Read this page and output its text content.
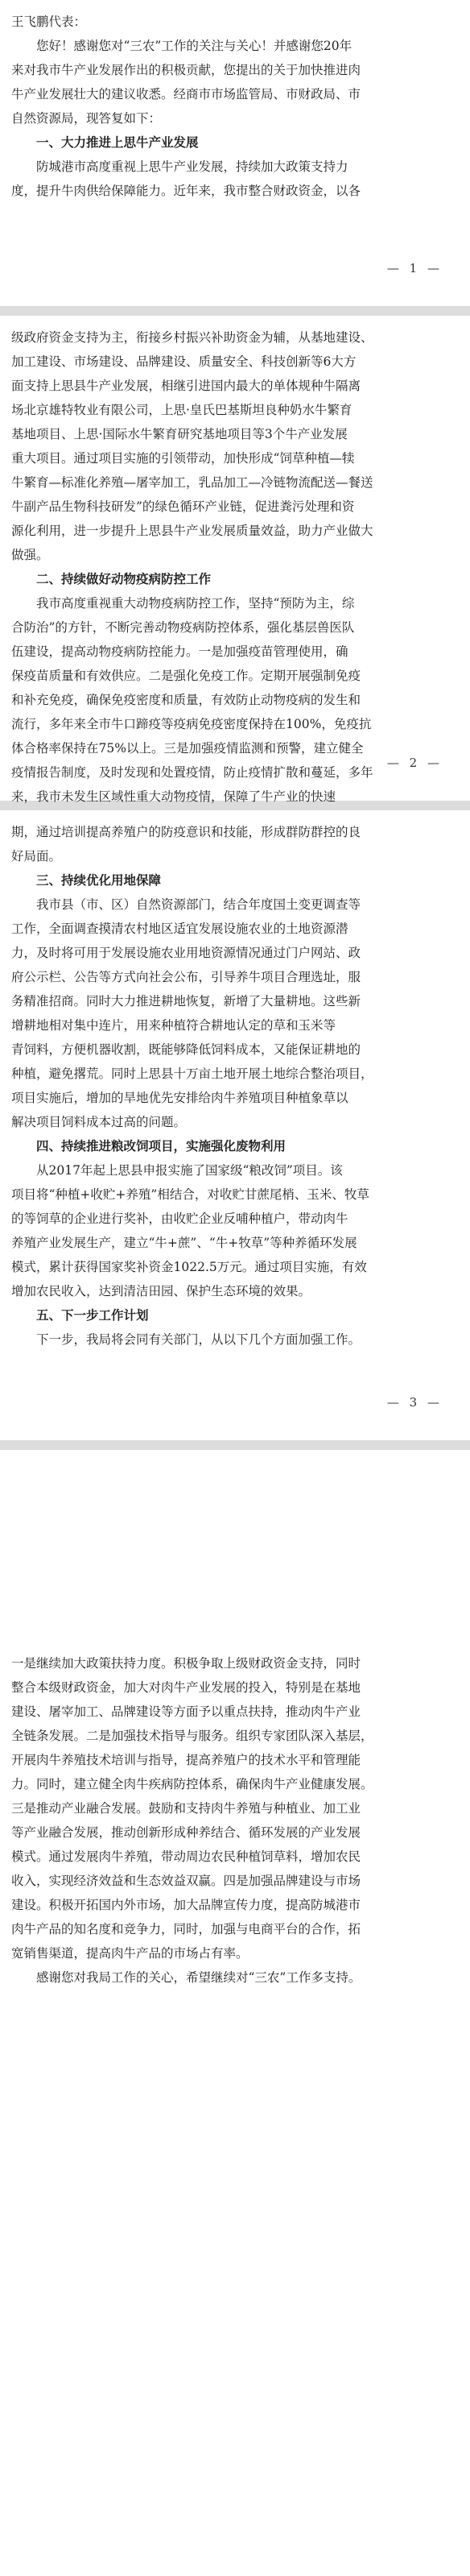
王飞鹏代表：

您好！感谢您对“三农”工作的关注与关心！并感谢您20年

来对我市牛产业发展作出的积极贡献，您提出的关于加快推进肉

牛产业发展壮大的建议收悉。经商市市场监管局、市财政局、市

自然资源局，现答复如下：

一、大力推进上思牛产业发展

防城港市高度重视上思牛产业发展，持续加大政策支持力

度，提升牛肉供给保障能力。近年来，我市整合财政资金，以各

— 1 —

级政府资金支持为主，衔接乡村振兴补助资金为辅，从基地建设、

加工建设、市场建设、品牌建设、质量安全、科技创新等6大方

面支持上思县牛产业发展，相继引进国内最大的单体规种牛隔离

场北京雄特牧业有限公司，上思·皇氏巴基斯坦良种奶水牛繁育

基地项目、上思·国际水牛繁育研究基地项目等3个牛产业发展

重大项目。通过项目实施的引领带动，加快形成“饲草种植—犊

牛繁育—标准化养殖—屠宰加工，乳品加工—冷链物流配送—餐送

牛副产品生物科技研发”的绿色循环产业链，促进粪污处理和资

源化利用，进一步提升上思县牛产业发展质量效益，助力产业做大

做强。

二、持续做好动物疫病防控工作

我市高度重视重大动物疫病防控工作，坚持“预防为主，综

合防治”的方针，不断完善动物疫病防控体系，强化基层兽医队

伍建设，提高动物疫病防控能力。一是加强疫苗管理使用，确

保疫苗质量和有效供应。二是强化免疫工作。定期开展强制免疫

和补充免疫，确保免疫密度和质量，有效防止动物疫病的发生和

流行，多年来全市牛口蹄疫等疫病免疫密度保持在100%，免疫抗

体合格率保持在75%以上。三是加强疫情监测和预警，建立健全

疫情报告制度，及时发现和处置疫情，防止疫情扩散和蔓延，多年

来，我市未发生区域性重大动物疫情，保障了牛产业的快速

— 2 —

期，通过培训提高养殖户的防疫意识和技能，形成群防群控的良

好局面。

三、持续优化用地保障

我市县（市、区）自然资源部门，结合年度国土变更调查等

工作，全面调查摸清农村地区适宜发展设施农业的土地资源潜

力，及时将可用于发展设施农业用地资源情况通过门户网站、政

府公示栏、公告等方式向社会公布，引导养牛项目合理选址，服

务精准招商。同时大力推进耕地恢复，新增了大量耕地。这些新

增耕地相对集中连片，用来种植符合耕地认定的草和玉米等

青饲料，方便机器收割，既能够降低饲料成本，又能保证耕地的

种植，避免撂荒。同时上思县十万亩土地开展土地综合整治项目，

项目实施后，增加的旱地优先安排给肉牛养殖项目种植象草以

解决项目饲料成本过高的问题。

四、持续推进粮改饲项目，实施强化废物利用

从2017年起上思县申报实施了国家级“粮改饲”项目。该

项目将“种植+收贮+养殖”相结合，对收贮甘蔗尾梢、玉米、牧草

的等饲草的企业进行奖补，由收贮企业反哺种植户，带动肉牛

养殖产业发展生产，建立“牛+蔗”、“牛+牧草”等种养循环发展

模式，累计获得国家奖补资金1022.5万元。通过项目实施，有效

增加农民收入，达到清洁田园、保护生态环境的效果。

五、下一步工作计划

下一步，我局将会同有关部门，从以下几个方面加强工作。

— 3 —

一是继续加大政策扶持力度。积极争取上级财政资金支持，同时

整合本级财政资金，加大对肉牛产业发展的投入，特别是在基地

建设、屠宰加工、品牌建设等方面予以重点扶持，推动肉牛产业

全链条发展。二是加强技术指导与服务。组织专家团队深入基层，

开展肉牛养殖技术培训与指导，提高养殖户的技术水平和管理能

力。同时，建立健全肉牛疾病防控体系，确保肉牛产业健康发展。

三是推动产业融合发展。鼓励和支持肉牛养殖与种植业、加工业

等产业融合发展，推动创新形成种养结合、循环发展的产业发展

模式。通过发展肉牛养殖，带动周边农民种植饲草料，增加农民

收入，实现经济效益和生态效益双赢。四是加强品牌建设与市场

建设。积极开拓国内外市场，加大品牌宣传力度，提高防城港市

肉牛产品的知名度和竞争力，同时，加强与电商平台的合作，拓

宽销售渠道，提高肉牛产品的市场占有率。

感谢您对我局工作的关心，希望继续对“三农”工作多支持。
